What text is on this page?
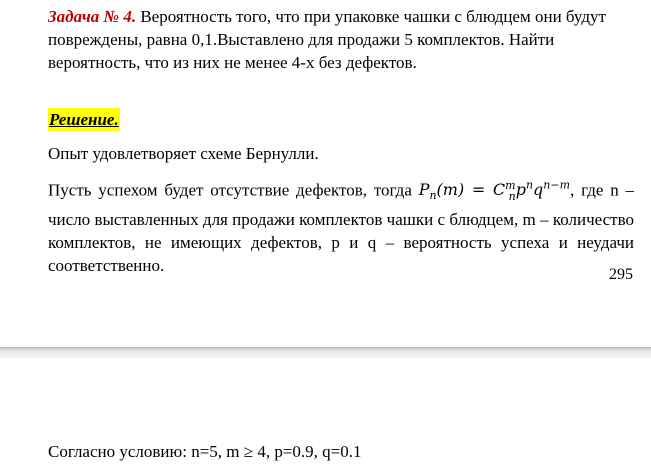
Задача № 4. Вероятность того, что при упаковке чашки с блюдцем они будут повреждены, равна 0,1.Выставлено для продажи 5 комплектов. Найти вероятность, что из них не менее 4-х без дефектов.

Решение.

Опыт удовлетворяет схеме Бернулли.

Пусть успехом будет отсутствие дефектов, тогда $P_n(m) = C^m_np^nq^{n-m}$, где n – число выставленных для продажи комплектов чашки с блюдцем, m – количество комплектов, не имеющих дефектов, p и q – вероятность успеха и неудачи соответственно.	295

Согласно условию: n=5, m ≥ 4, p=0.9, q=0.1
